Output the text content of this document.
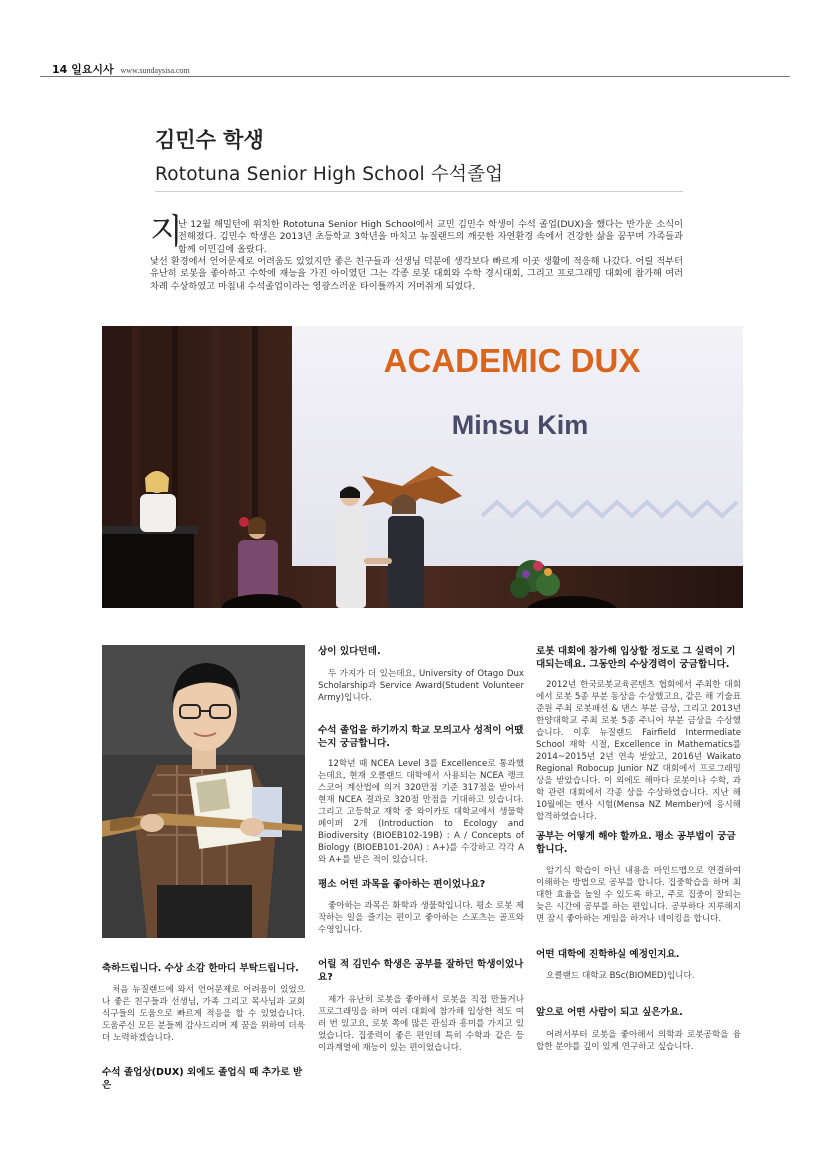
14 일요시사 www.sundaysisa.com
김민수 학생
Rototuna Senior High School 수석졸업
지
난 12월 해밀턴에 위치한 Rototuna Senior High School에서 교민 김민수 학생이 수석 졸업(DUX)을 했다는 반가운 소식이 전해졌다. 김민수 학생은 2013년 초등학교 3학년을 마치고 뉴질랜드의 깨끗한 자연환경 속에서 건강한 삶을 꿈꾸며 가족들과 함께 이민길에 올랐다.
낯선 환경에서 언어문제로 어려움도 있었지만 좋은 친구들과 선생님 덕분에 생각보다 빠르게 이곳 생활에 적응해 나갔다. 어릴 적부터 유난히 로봇을 좋아하고 수학에 재능을 가진 아이였던 그는 각종 로봇 대회와 수학 경시대회, 그리고 프로그래밍 대회에 참가해 여러 차례 수상하였고 마침내 수석졸업이라는 영광스러운 타이틀까지 거머쥐게 되었다.
ACADEMIC DUX
Minsu Kim
축하드립니다. 수상 소감 한마디 부탁드립니다.
처음 뉴질랜드에 와서 언어문제로 어려움이 있었으나 좋은 친구들과 선생님, 가족 그리고 목사님과 교회 식구들의 도움으로 빠르게 적응을 할 수 있었습니다. 도움주신 모든 분들께 감사드리며 제 꿈을 위하여 더욱 더 노력하겠습니다.
수석 졸업상(DUX) 외에도 졸업식 때 추가로 받은
상이 있다던데.
두 가지가 더 있는데요, University of Otago Dux Scholarship과 Service Award(Student Volunteer Army)입니다.
수석 졸업을 하기까지 학교 모의고사 성적이 어땠는지 궁금합니다.
12학년 때 NCEA Level 3를 Excellence로 통과했는데요, 현재 오클랜드 대학에서 사용되는 NCEA 랭크스코어 계산법에 의거 320만점 기준 317점을 받아서 현재 NCEA 결과로 320점 만점을 기대하고 있습니다. 그리고 고등학교 재학 중 와이카토 대학교에서 생물학 페이퍼 2개 (Introduction to Ecology and Biodiversity (BIOEB102-19B) : A / Concepts of Biology (BIOEB101-20A) : A+)를 수강하고 각각 A와 A+를 받은 적이 있습니다.
평소 어떤 과목을 좋아하는 편이었나요?
좋아하는 과목은 화학과 생물학입니다. 평소 로봇 제작하는 일을 즐기는 편이고 좋아하는 스포츠는 골프와 수영입니다.
어릴 적 김민수 학생은 공부를 잘하던 학생이었나요?
제가 유난히 로봇을 좋아해서 로봇을 직접 만들거나 프로그래밍을 하며 여러 대회에 참가해 입상한 적도 여러 번 있고요, 로봇 쪽에 많은 관심과 흥미를 가지고 있었습니다. 집중력이 좋은 편인데 특히 수학과 같은 등 이과계열에 재능이 있는 편이었습니다.
로봇 대회에 참가해 입상할 정도로 그 실력이 기대되는데요. 그동안의 수상경력이 궁금합니다.
2012년 한국로봇교육콘텐츠 협회에서 주최한 대회에서 로봇 5종 부분 동상을 수상했고요, 같은 해 기술표준원 주최 로봇패션 & 댄스 부분 금상, 그리고 2013년 한양대학교 주최 로봇 5종 주니어 부분 금상을 수상했습니다. 이후 뉴질랜드 Fairfield Intermediate School 재학 시절, Excellence in Mathematics를 2014~2015년 2년 연속 받았고, 2016년 Waikato Regional Robocup Junior NZ 대회에서 프로그래밍상을 받았습니다. 이 외에도 해마다 로봇이나 수학, 과학 관련 대회에서 각종 상을 수상하였습니다. 지난 해 10월에는 멘사 시험(Mensa NZ Member)에 응시해 합격하였습니다.
공부는 어떻게 해야 할까요. 평소 공부법이 궁금합니다.
암기식 학습이 아닌 내용을 마인드맵으로 연결하여 이해하는 방법으로 공부를 합니다. 집중학습을 하며 최대한 효율을 높일 수 있도록 하고, 주로 집중이 잘되는 늦은 시간에 공부를 하는 편입니다. 공부하다 지루해지면 잠시 좋아하는 게임을 하거나 네이킹을 합니다.
어떤 대학에 진학하실 예정인지요.
오클랜드 대학교 BSc(BIOMED)입니다.
앞으로 어떤 사람이 되고 싶은가요.
어려서부터 로봇을 좋아해서 의학과 로봇공학을 융합한 분야를 깊이 있게 연구하고 싶습니다.
